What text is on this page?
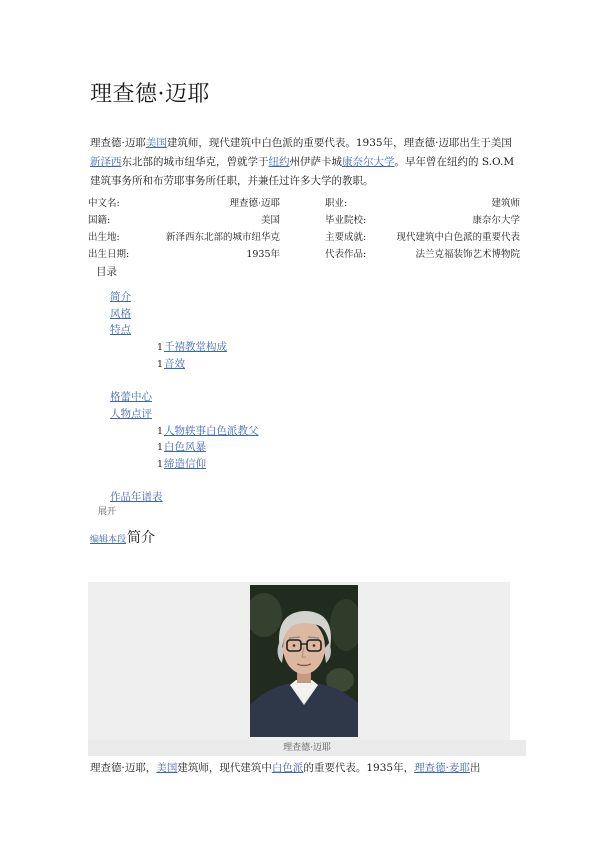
理查德·迈耶
理查德·迈耶美国建筑师，现代建筑中白色派的重要代表。1935年，理查德·迈耶出生于美国
新泽西东北部的城市纽华克，曾就学于纽约州伊萨卡城康奈尔大学。早年曾在纽约的 S.O.M
建筑事务所和布劳耶事务所任职，并兼任过许多大学的教职。
中文名:	理查德·迈耶		职业:	建筑师
国籍:	美国		毕业院校:	康奈尔大学
出生地:	新泽西东北部的城市纽华克		主要成就:	现代建筑中白色派的重要代表
出生日期:	1935年		代表作品:	法兰克福装饰艺术博物院
目录
简介
风格
特点
1千禧教堂构成
1音效
格蕾中心
人物点评
1人物轶事白色派教父
1白色风暴
1缔造信仰
作品年谱表
展开
编辑本段简介
理查德·迈耶
理查德·迈耶，美国建筑师，现代建筑中白色派的重要代表。1935年，理查德·麦耶出
